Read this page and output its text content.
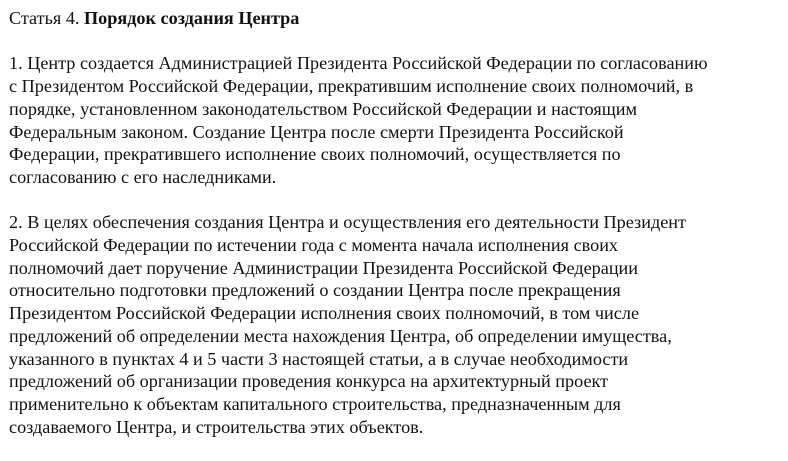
Статья 4. Порядок создания Центра
1. Центр создается Администрацией Президента Российской Федерации по согласованию
с Президентом Российской Федерации, прекратившим исполнение своих полномочий, в
порядке, установленном законодательством Российской Федерации и настоящим
Федеральным законом. Создание Центра после смерти Президента Российской
Федерации, прекратившего исполнение своих полномочий, осуществляется по
согласованию с его наследниками.
2. В целях обеспечения создания Центра и осуществления его деятельности Президент
Российской Федерации по истечении года с момента начала исполнения своих
полномочий дает поручение Администрации Президента Российской Федерации
относительно подготовки предложений о создании Центра после прекращения
Президентом Российской Федерации исполнения своих полномочий, в том числе
предложений об определении места нахождения Центра, об определении имущества,
указанного в пунктах 4 и 5 части 3 настоящей статьи, а в случае необходимости
предложений об организации проведения конкурса на архитектурный проект
применительно к объектам капитального строительства, предназначенным для
создаваемого Центра, и строительства этих объектов.
